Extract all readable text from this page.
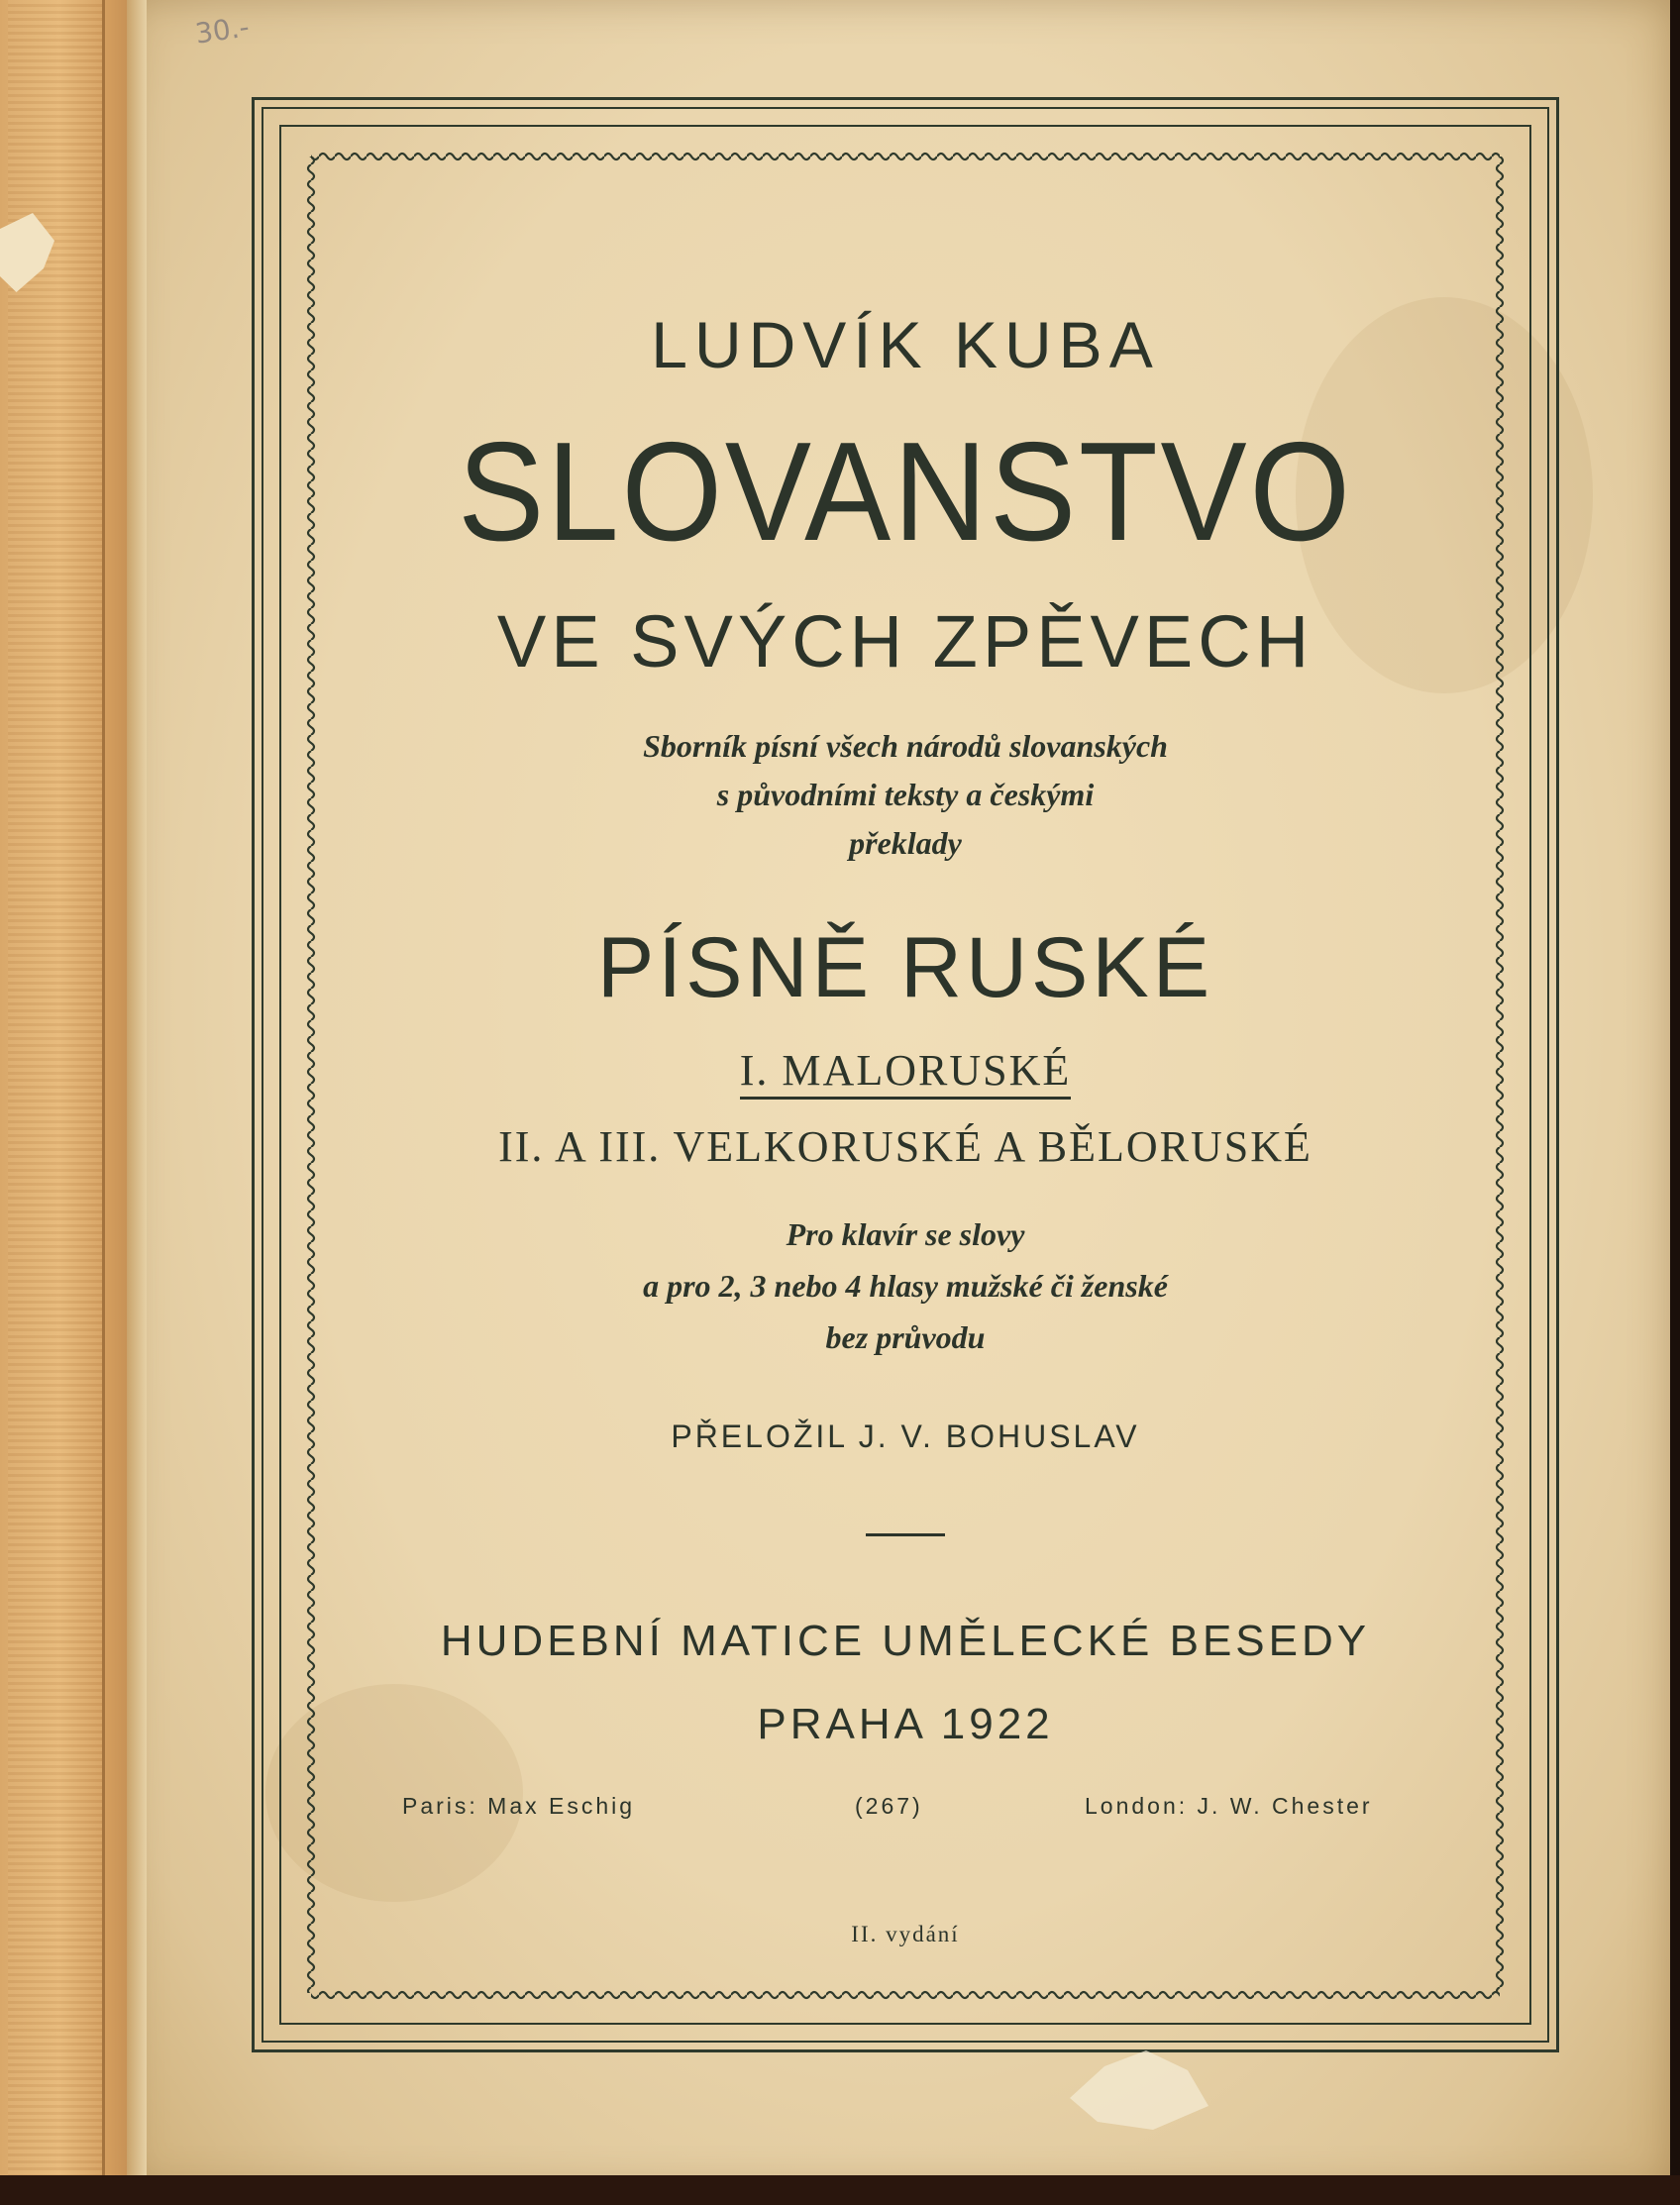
30.-
LUDVÍK KUBA
SLOVANSTVO
VE SVÝCH ZPĚVECH
Sborník písní všech národů slovanských
s původními teksty a českými
překlady
PÍSNĚ RUSKÉ
I. MALORUSKÉ
II. A III. VELKORUSKÉ A BĚLORUSKÉ
Pro klavír se slovy
a pro 2, 3 nebo 4 hlasy mužské či ženské
bez průvodu
PŘELOŽIL J. V. BOHUSLAV
HUDEBNÍ MATICE UMĚLECKÉ BESEDY
PRAHA 1922
Paris: Max Eschig	(267)	London: J. W. Chester
II. vydání
